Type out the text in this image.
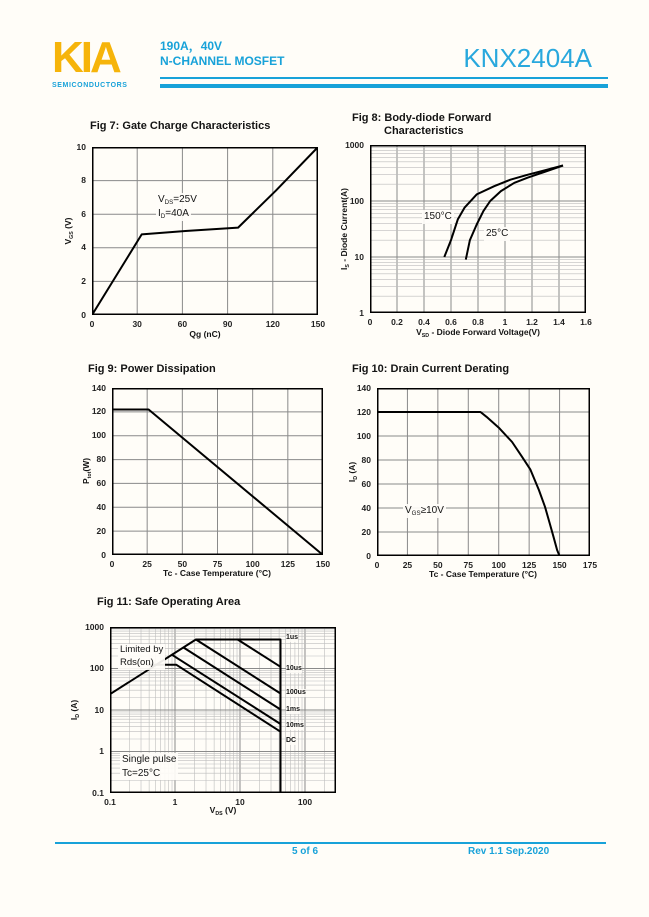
KIA
SEMICONDUCTORS
190A，40V
N-CHANNEL MOSFET	KNX2404A
Fig 7: Gate Charge Characteristics
VDS=25V
ID=40A
VGS (V)
Qg (nC)
0	30	60	90	120	150
0
2
4
6
8
10
Fig 8: Body-diode Forward
Characteristics
150°C
25°C
IS - Diode Current(A)
VSD - Diode Forward Voltage(V)
0	0.2	0.4	0.6	0.8	1	1.2	1.4	1.6
1
10
100
1000
Fig 9: Power Dissipation
Ptot(W)
Tc - Case Temperature (°C)
0	25	50	75	100	125	150
0
20
40
60
80
100
120
140
Fig 10: Drain Current Derating
VGS≥10V
ID (A)
Tc - Case Temperature (°C)
0	25	50	75	100	125	150	175
0
20
40
60
80
100
120
140
Fig 11: Safe Operating Area
Limited by
Rds(on)
Single pulse
Tc=25°C
1us
10us
100us
1ms
10ms
DC
ID (A)
VDS (V)
0.1	1	10	100
0.1
1
10
100
1000
5 of 6	Rev 1.1 Sep.2020
